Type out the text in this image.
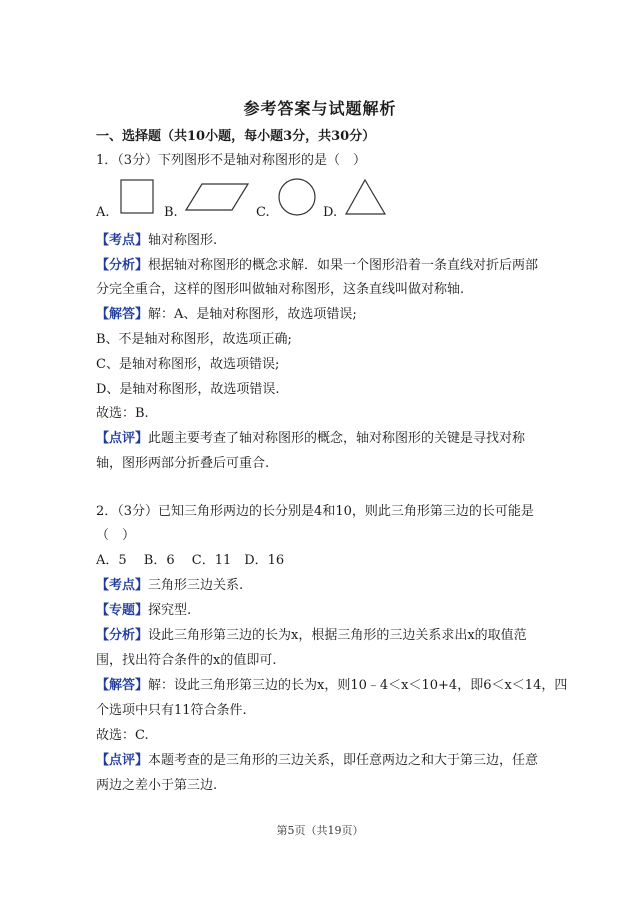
参考答案与试题解析
一、选择题（共10小题，每小题3分，共30分）
1．（3分）下列图形不是轴对称图形的是（　）
A.	B.	C.	D.
【考点】轴对称图形.
【分析】根据轴对称图形的概念求解．如果一个图形沿着一条直线对折后两部
分完全重合，这样的图形叫做轴对称图形，这条直线叫做对称轴.
【解答】解：A、是轴对称图形，故选项错误;
B、不是轴对称图形，故选项正确;
C、是轴对称图形，故选项错误;
D、是轴对称图形，故选项错误.
故选：B.
【点评】此题主要考查了轴对称图形的概念，轴对称图形的关键是寻找对称
轴，图形两部分折叠后可重合.
2．（3分）已知三角形两边的长分别是4和10，则此三角形第三边的长可能是
（　）
A．5　 B．6　 C．11　D．16
【考点】三角形三边关系.
【专题】探究型.
【分析】设此三角形第三边的长为x，根据三角形的三边关系求出x的取值范
围，找出符合条件的x的值即可.
【解答】解：设此三角形第三边的长为x，则10﹣4＜x＜10+4，即6＜x＜14，四
个选项中只有11符合条件.
故选：C.
【点评】本题考查的是三角形的三边关系，即任意两边之和大于第三边，任意
两边之差小于第三边.
第5页（共19页）
